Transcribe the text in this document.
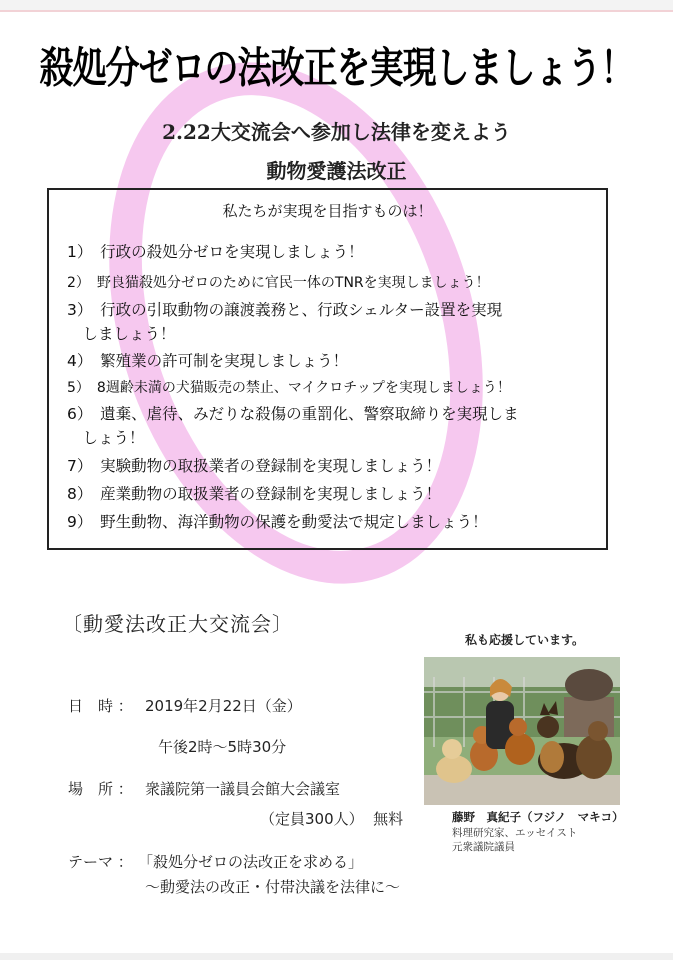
殺処分ゼロの法改正を実現しましょう！
2.22大交流会へ参加し法律を変えよう
動物愛護法改正
私たちが実現を目指すものは！
1）　行政の殺処分ゼロを実現しましょう！
2）　野良猫殺処分ゼロのために官民一体のTNRを実現しましょう！
3）　行政の引取動物の譲渡義務と、行政シェルター設置を実現
　しましょう！
4）　繁殖業の許可制を実現しましょう！
5）　8週齢未満の犬猫販売の禁止、マイクロチップを実現しましょう！
6）　遺棄、虐待、みだりな殺傷の重罰化、警察取締りを実現しま
　しょう！
7）　実験動物の取扱業者の登録制を実現しましょう！
8）　産業動物の取扱業者の登録制を実現しましょう！
9）　野生動物、海洋動物の保護を動愛法で規定しましょう！
〔動愛法改正大交流会〕
私も応援しています。
藤野　真紀子（フジノ　マキコ）
料理研究家、エッセイスト
元衆議院議員
日　時 ： 2019年2月22日（金）
午後2時～5時30分
場　所 ： 衆議院第一議員会館大会議室
（定員300人）  無料
テーマ ： 「殺処分ゼロの法改正を求める」
～動愛法の改正・付帯決議を法律に～
